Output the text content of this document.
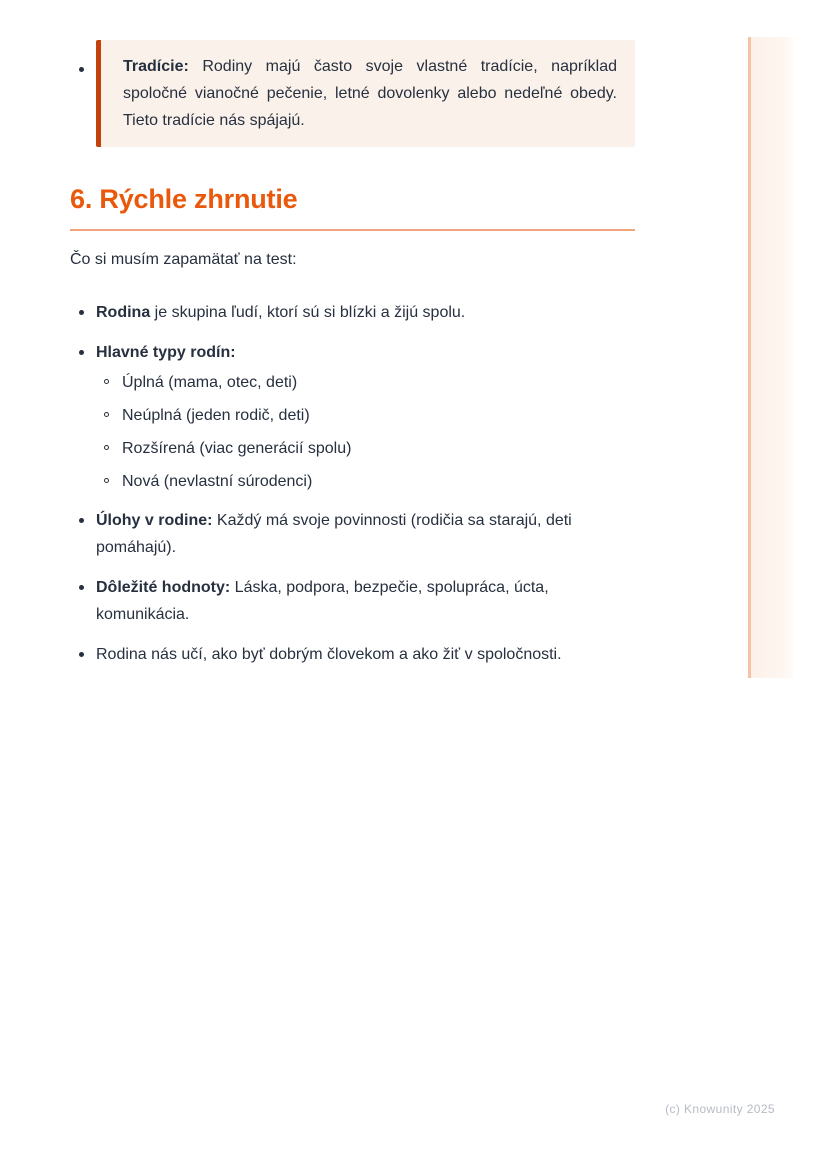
Tradície: Rodiny majú často svoje vlastné tradície, napríklad spoločné vianočné pečenie, letné dovolenky alebo nedeľné obedy. Tieto tradície nás spájajú.

6. Rýchle zhrnutie

Čo si musím zapamätať na test:

Rodina je skupina ľudí, ktorí sú si blízki a žijú spolu.
Hlavné typy rodín:
Úplná (mama, otec, deti)
Neúplná (jeden rodič, deti)
Rozšírená (viac generácií spolu)
Nová (nevlastní súrodenci)
Úlohy v rodine: Každý má svoje povinnosti (rodičia sa starajú, deti pomáhajú).
Dôležité hodnoty: Láska, podpora, bezpečie, spolupráca, úcta, komunikácia.
Rodina nás učí, ako byť dobrým človekom a ako žiť v spoločnosti.
(c) Knowunity 2025
